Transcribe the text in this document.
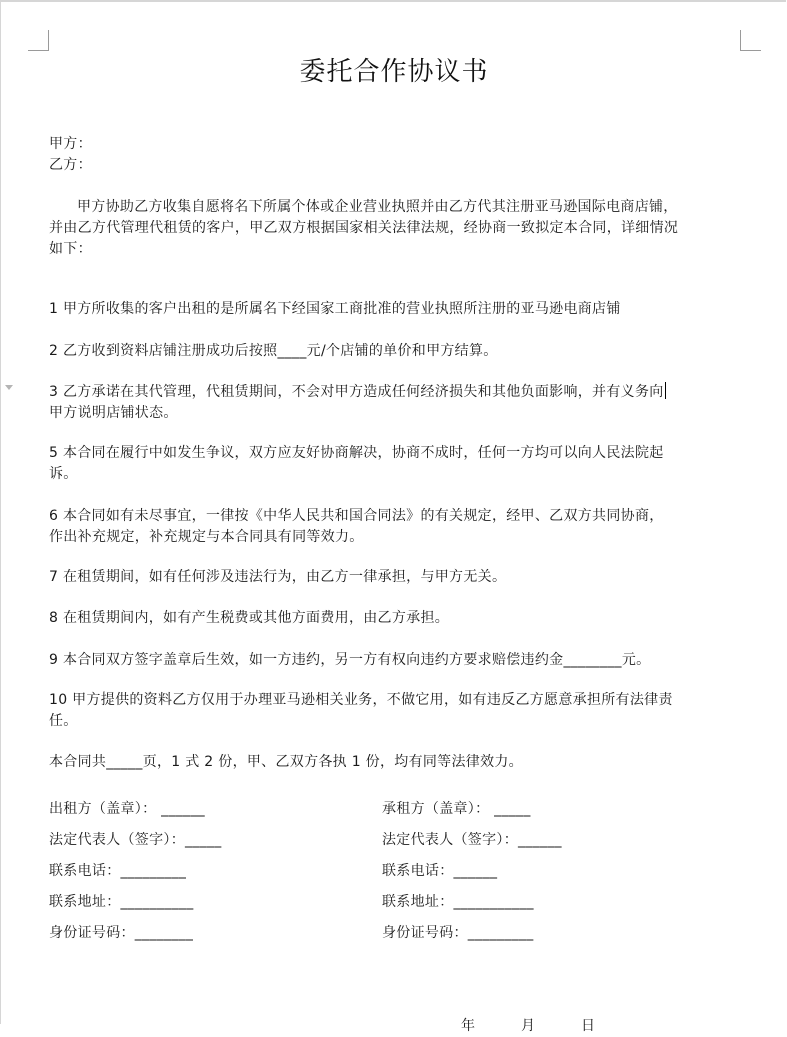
委托合作协议书
甲方：
乙方：
甲方协助乙方收集自愿将名下所属个体或企业营业执照并由乙方代其注册亚马逊国际电商店铺，
并由乙方代管理代租赁的客户，甲乙双方根据国家相关法律法规，经协商一致拟定本合同，详细情况
如下：
1 甲方所收集的客户出租的是所属名下经国家工商批准的营业执照所注册的亚马逊电商店铺
2 乙方收到资料店铺注册成功后按照____元/个店铺的单价和甲方结算。
3 乙方承诺在其代管理，代租赁期间，不会对甲方造成任何经济损失和其他负面影响，并有义务向
甲方说明店铺状态。
5 本合同在履行中如发生争议，双方应友好协商解决，协商不成时，任何一方均可以向人民法院起
诉。
6 本合同如有未尽事宜，一律按《中华人民共和国合同法》的有关规定，经甲、乙双方共同协商，
作出补充规定，补充规定与本合同具有同等效力。
7 在租赁期间，如有任何涉及违法行为，由乙方一律承担，与甲方无关。
8 在租赁期间内，如有产生税费或其他方面费用，由乙方承担。
9 本合同双方签字盖章后生效，如一方违约，另一方有权向违约方要求赔偿违约金________元。
10 甲方提供的资料乙方仅用于办理亚马逊相关业务，不做它用，如有违反乙方愿意承担所有法律责
任。
本合同共_____页，1 式 2 份，甲、乙双方各执 1 份，均有同等法律效力。
出租方（盖章）： ______
法定代表人（签字）：_____
联系电话：_________
联系地址：__________
身份证号码：________
承租方（盖章）： _____
法定代表人（签字）：______
联系电话：______
联系地址：___________
身份证号码：_________
年	月	日
